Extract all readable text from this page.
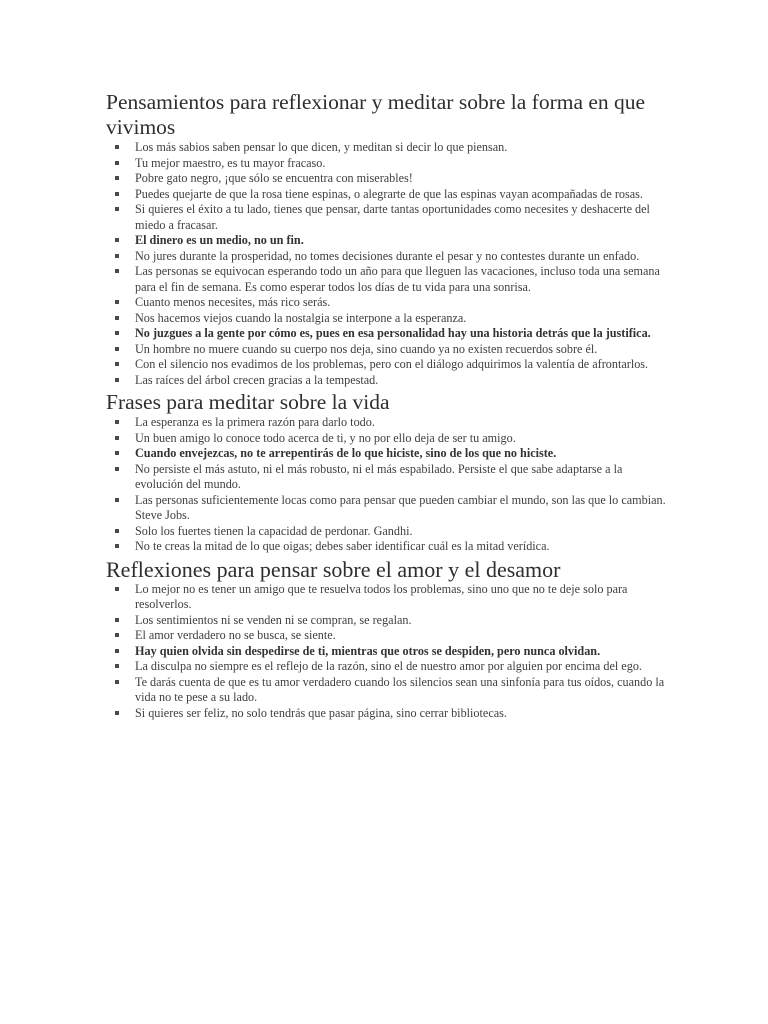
Pensamientos para reflexionar y meditar sobre la forma en que vivimos
Los más sabios saben pensar lo que dicen, y meditan si decir lo que piensan.
Tu mejor maestro, es tu mayor fracaso.
Pobre gato negro, ¡que sólo se encuentra con miserables!
Puedes quejarte de que la rosa tiene espinas, o alegrarte de que las espinas vayan acompañadas de rosas.
Si quieres el éxito a tu lado, tienes que pensar, darte tantas oportunidades como necesites y deshacerte del miedo a fracasar.
El dinero es un medio, no un fin.
No jures durante la prosperidad, no tomes decisiones durante el pesar y no contestes durante un enfado.
Las personas se equivocan esperando todo un año para que lleguen las vacaciones, incluso toda una semana para el fin de semana. Es como esperar todos los días de tu vida para una sonrisa.
Cuanto menos necesites, más rico serás.
Nos hacemos viejos cuando la nostalgia se interpone a la esperanza.
No juzgues a la gente por cómo es, pues en esa personalidad hay una historia detrás que la justifica.
Un hombre no muere cuando su cuerpo nos deja, sino cuando ya no existen recuerdos sobre él.
Con el silencio nos evadimos de los problemas, pero con el diálogo adquirimos la valentía de afrontarlos.
Las raíces del árbol crecen gracias a la tempestad.
Frases para meditar sobre la vida
La esperanza es la primera razón para darlo todo.
Un buen amigo lo conoce todo acerca de ti, y no por ello deja de ser tu amigo.
Cuando envejezcas, no te arrepentirás de lo que hiciste, sino de los que no hiciste.
No persiste el más astuto, ni el más robusto, ni el más espabilado. Persiste el que sabe adaptarse a la evolución del mundo.
Las personas suficientemente locas como para pensar que pueden cambiar el mundo, son las que lo cambian. Steve Jobs.
Solo los fuertes tienen la capacidad de perdonar. Gandhi.
No te creas la mitad de lo que oigas; debes saber identificar cuál es la mitad verídica.
Reflexiones para pensar sobre el amor y el desamor
Lo mejor no es tener un amigo que te resuelva todos los problemas, sino uno que no te deje solo para resolverlos.
Los sentimientos ni se venden ni se compran, se regalan.
El amor verdadero no se busca, se siente.
Hay quien olvida sin despedirse de ti, mientras que otros se despiden, pero nunca olvidan.
La disculpa no siempre es el reflejo de la razón, sino el de nuestro amor por alguien por encima del ego.
Te darás cuenta de que es tu amor verdadero cuando los silencios sean una sinfonía para tus oídos, cuando la vida no te pese a su lado.
Si quieres ser feliz, no solo tendrás que pasar página, sino cerrar bibliotecas.
